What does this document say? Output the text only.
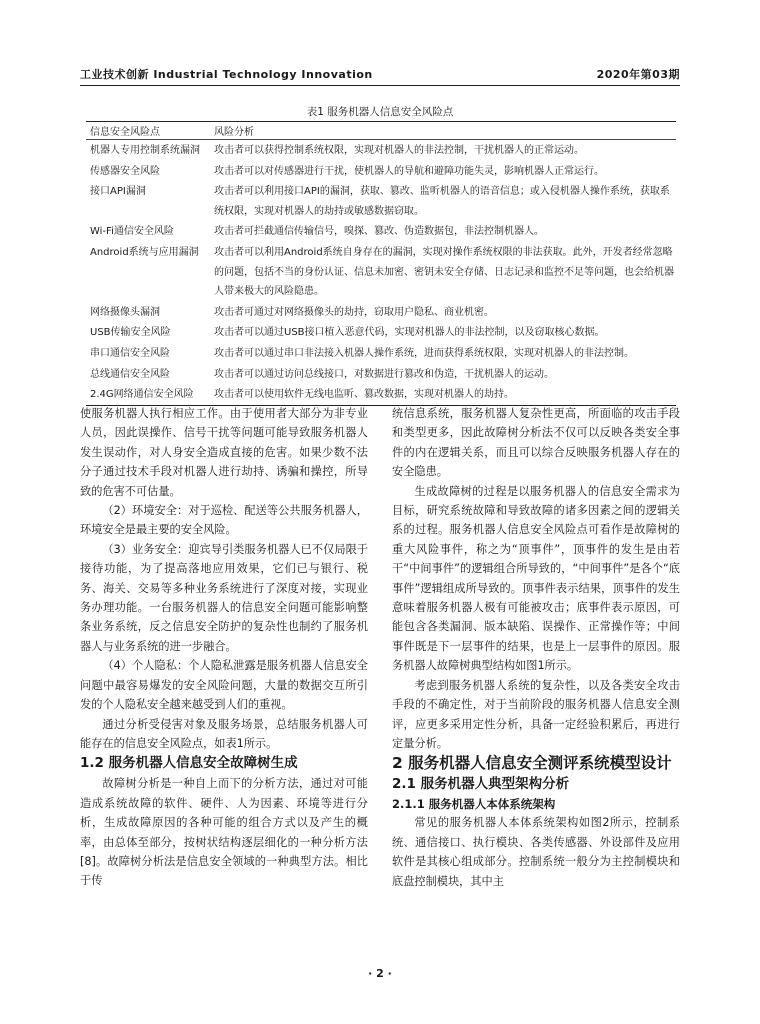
工业技术创新 Industrial Technology Innovation	2020年第03期
表1 服务机器人信息安全风险点
信息安全风险点	风险分析
机器人专用控制系统漏洞	攻击者可以获得控制系统权限，实现对机器人的非法控制，干扰机器人的正常运动。
传感器安全风险	攻击者可以对传感器进行干扰，使机器人的导航和避障功能失灵，影响机器人正常运行。
接口API漏洞	攻击者可以利用接口API的漏洞，获取、篡改、监听机器人的语音信息；或入侵机器人操作系统，获取系统权限，实现对机器人的劫持或敏感数据窃取。
Wi-Fi通信安全风险	攻击者可拦截通信传输信号，嗅探、篡改、伪造数据包，非法控制机器人。
Android系统与应用漏洞	攻击者可以利用Android系统自身存在的漏洞，实现对操作系统权限的非法获取。此外，开发者经常忽略的问题，包括不当的身份认证、信息未加密、密钥未安全存储、日志记录和监控不足等问题，也会给机器人带来极大的风险隐患。
网络摄像头漏洞	攻击者可通过对网络摄像头的劫持，窃取用户隐私、商业机密。
USB传输安全风险	攻击者可以通过USB接口植入恶意代码，实现对机器人的非法控制，以及窃取核心数据。
串口通信安全风险	攻击者可以通过串口非法接入机器人操作系统，进而获得系统权限，实现对机器人的非法控制。
总线通信安全风险	攻击者可以通过访问总线接口，对数据进行篡改和伪造，干扰机器人的运动。
2.4G网络通信安全风险	攻击者可以使用软件无线电监听、篡改数据，实现对机器人的劫持。

使服务机器人执行相应工作。由于使用者大部分为非专业人员，因此误操作、信号干扰等问题可能导致服务机器人发生误动作，对人身安全造成直接的危害。如果少数不法分子通过技术手段对机器人进行劫持、诱骗和操控，所导致的危害不可估量。

（2）环境安全：对于巡检、配送等公共服务机器人，环境安全是最主要的安全风险。

（3）业务安全：迎宾导引类服务机器人已不仅局限于接待功能，为了提高落地应用效果，它们已与银行、税务、海关、交易等多种业务系统进行了深度对接，实现业务办理功能。一台服务机器人的信息安全问题可能影响整条业务系统，反之信息安全防护的复杂性也制约了服务机器人与业务系统的进一步融合。

（4）个人隐私：个人隐私泄露是服务机器人信息安全问题中最容易爆发的安全风险问题，大量的数据交互所引发的个人隐私安全越来越受到人们的重视。

通过分析受侵害对象及服务场景，总结服务机器人可能存在的信息安全风险点，如表1所示。

1.2 服务机器人信息安全故障树生成

故障树分析是一种自上而下的分析方法，通过对可能造成系统故障的软件、硬件、人为因素、环境等进行分析，生成故障原因的各种可能的组合方式以及产生的概率，由总体至部分，按树状结构逐层细化的一种分析方法[8]。故障树分析法是信息安全领域的一种典型方法。相比于传

统信息系统，服务机器人复杂性更高，所面临的攻击手段和类型更多，因此故障树分析法不仅可以反映各类安全事件的内在逻辑关系，而且可以综合反映服务机器人存在的安全隐患。

生成故障树的过程是以服务机器人的信息安全需求为目标，研究系统故障和导致故障的诸多因素之间的逻辑关系的过程。服务机器人信息安全风险点可看作是故障树的重大风险事件，称之为“顶事件”，顶事件的发生是由若干“中间事件”的逻辑组合所导致的，“中间事件”是各个“底事件”逻辑组成所导致的。顶事件表示结果，顶事件的发生意味着服务机器人极有可能被攻击；底事件表示原因，可能包含各类漏洞、版本缺陷、误操作、正常操作等；中间事件既是下一层事件的结果，也是上一层事件的原因。服务机器人故障树典型结构如图1所示。

考虑到服务机器人系统的复杂性，以及各类安全攻击手段的不确定性，对于当前阶段的服务机器人信息安全测评，应更多采用定性分析，具备一定经验积累后，再进行定量分析。

2 服务机器人信息安全测评系统模型设计
2.1 服务机器人典型架构分析
2.1.1 服务机器人本体系统架构

常见的服务机器人本体系统架构如图2所示，控制系统、通信接口、执行模块、各类传感器、外设部件及应用软件是其核心组成部分。控制系统一般分为主控制模块和底盘控制模块，其中主

· 2 ·
